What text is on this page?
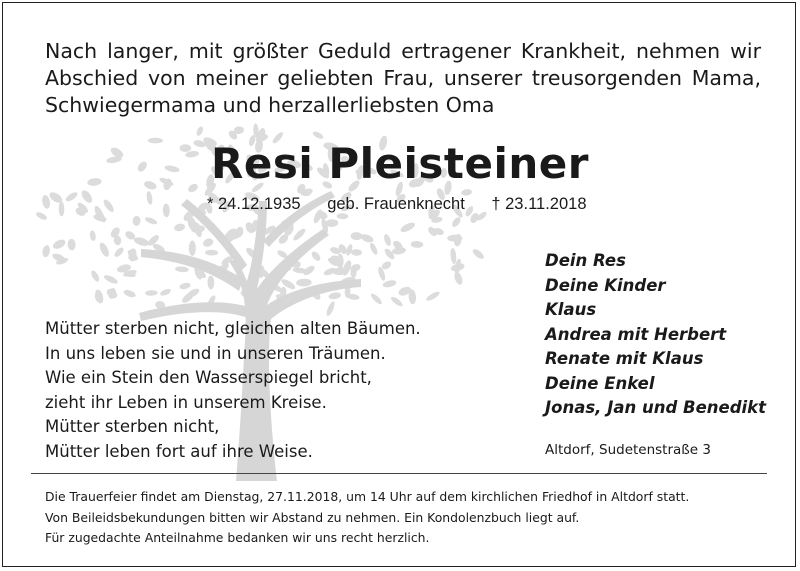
Nach langer, mit größter Geduld ertragener Krankheit, nehmen wir Abschied von meiner geliebten Frau, unserer treusorgenden Mama, Schwiegermama und herzallerliebsten Oma

Resi Pleisteiner
* 24.12.1935 geb. Frauenknecht † 23.11.2018
Mütter sterben nicht, gleichen alten Bäumen.
In uns leben sie und in unseren Träumen.
Wie ein Stein den Wasserspiegel bricht,
zieht ihr Leben in unserem Kreise.
Mütter sterben nicht,
Mütter leben fort auf ihre Weise.
Dein Res
Deine Kinder
Klaus
Andrea mit Herbert
Renate mit Klaus
Deine Enkel
Jonas, Jan und Benedikt
Altdorf, Sudetenstraße 3
Die Trauerfeier findet am Dienstag, 27.11.2018, um 14 Uhr auf dem kirchlichen Friedhof in Altdorf statt.
Von Beileidsbekundungen bitten wir Abstand zu nehmen. Ein Kondolenzbuch liegt auf.
Für zugedachte Anteilnahme bedanken wir uns recht herzlich.
